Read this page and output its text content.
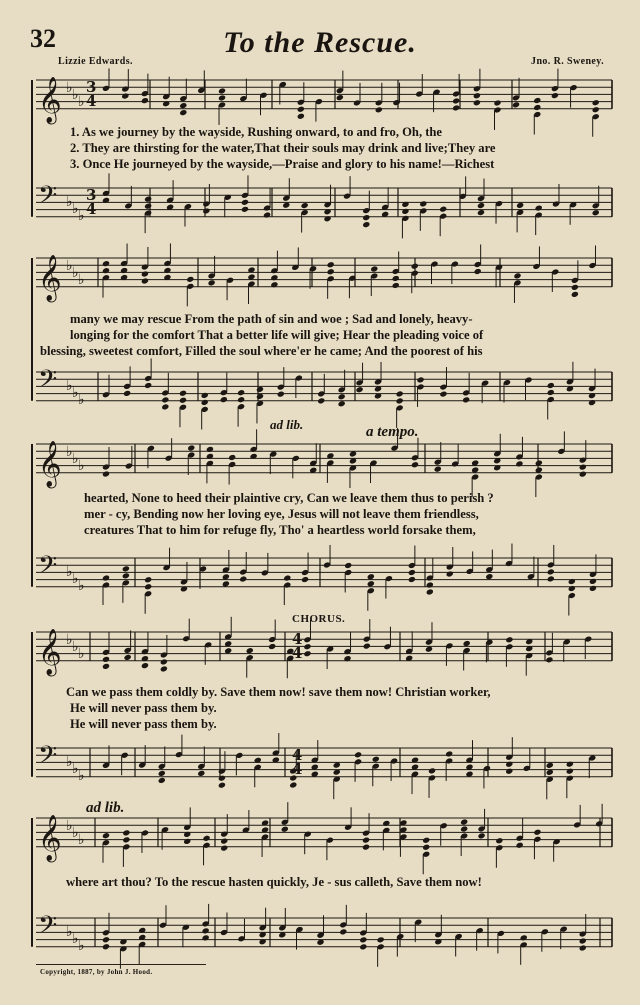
32	To the Rescue.
Lizzie Edwards.	Jno. R. Sweney.
𝄞 ♭ ♭ ♭
𝄢 ♭ ♭ ♭
𝄞 ♭ ♭ ♭
𝄢 ♭ ♭ ♭
𝄞 ♭ ♭ ♭
𝄢 ♭ ♭ ♭
𝄞 ♭ ♭ ♭
𝄢 ♭ ♭ ♭
𝄞 ♭ ♭ ♭
𝄢 ♭ ♭ ♭
3
4
3
4
4
4
4
4
ad lib.	a tempo.
CHORUS.
ad lib.
1. As we journey by the wayside, Rushing onward, to and fro, Oh, the
2. They are thirsting for the water,That their souls may drink and live;They are
3. Once He journeyed by the wayside,—Praise and glory to his name!—Richest
many we may rescue From the path of sin and woe ; Sad and lonely, heavy-
longing for the comfort That a better life will give; Hear the pleading voice of
blessing, sweetest comfort, Filled the soul where'er he came; And the poorest of his
hearted, None to heed their plaintive cry, Can we leave them thus to perish ?
mer - cy, Bending now her loving eye, Jesus will not leave them friendless,
creatures That to him for refuge fly, Tho' a heartless world forsake them,
Can we pass them coldly by. Save them now! save them now! Christian worker,
He will never pass them by.
He will never pass them by.
where art thou? To the rescue hasten quickly, Je - sus calleth, Save them now!
Copyright, 1887, by John J. Hood.
